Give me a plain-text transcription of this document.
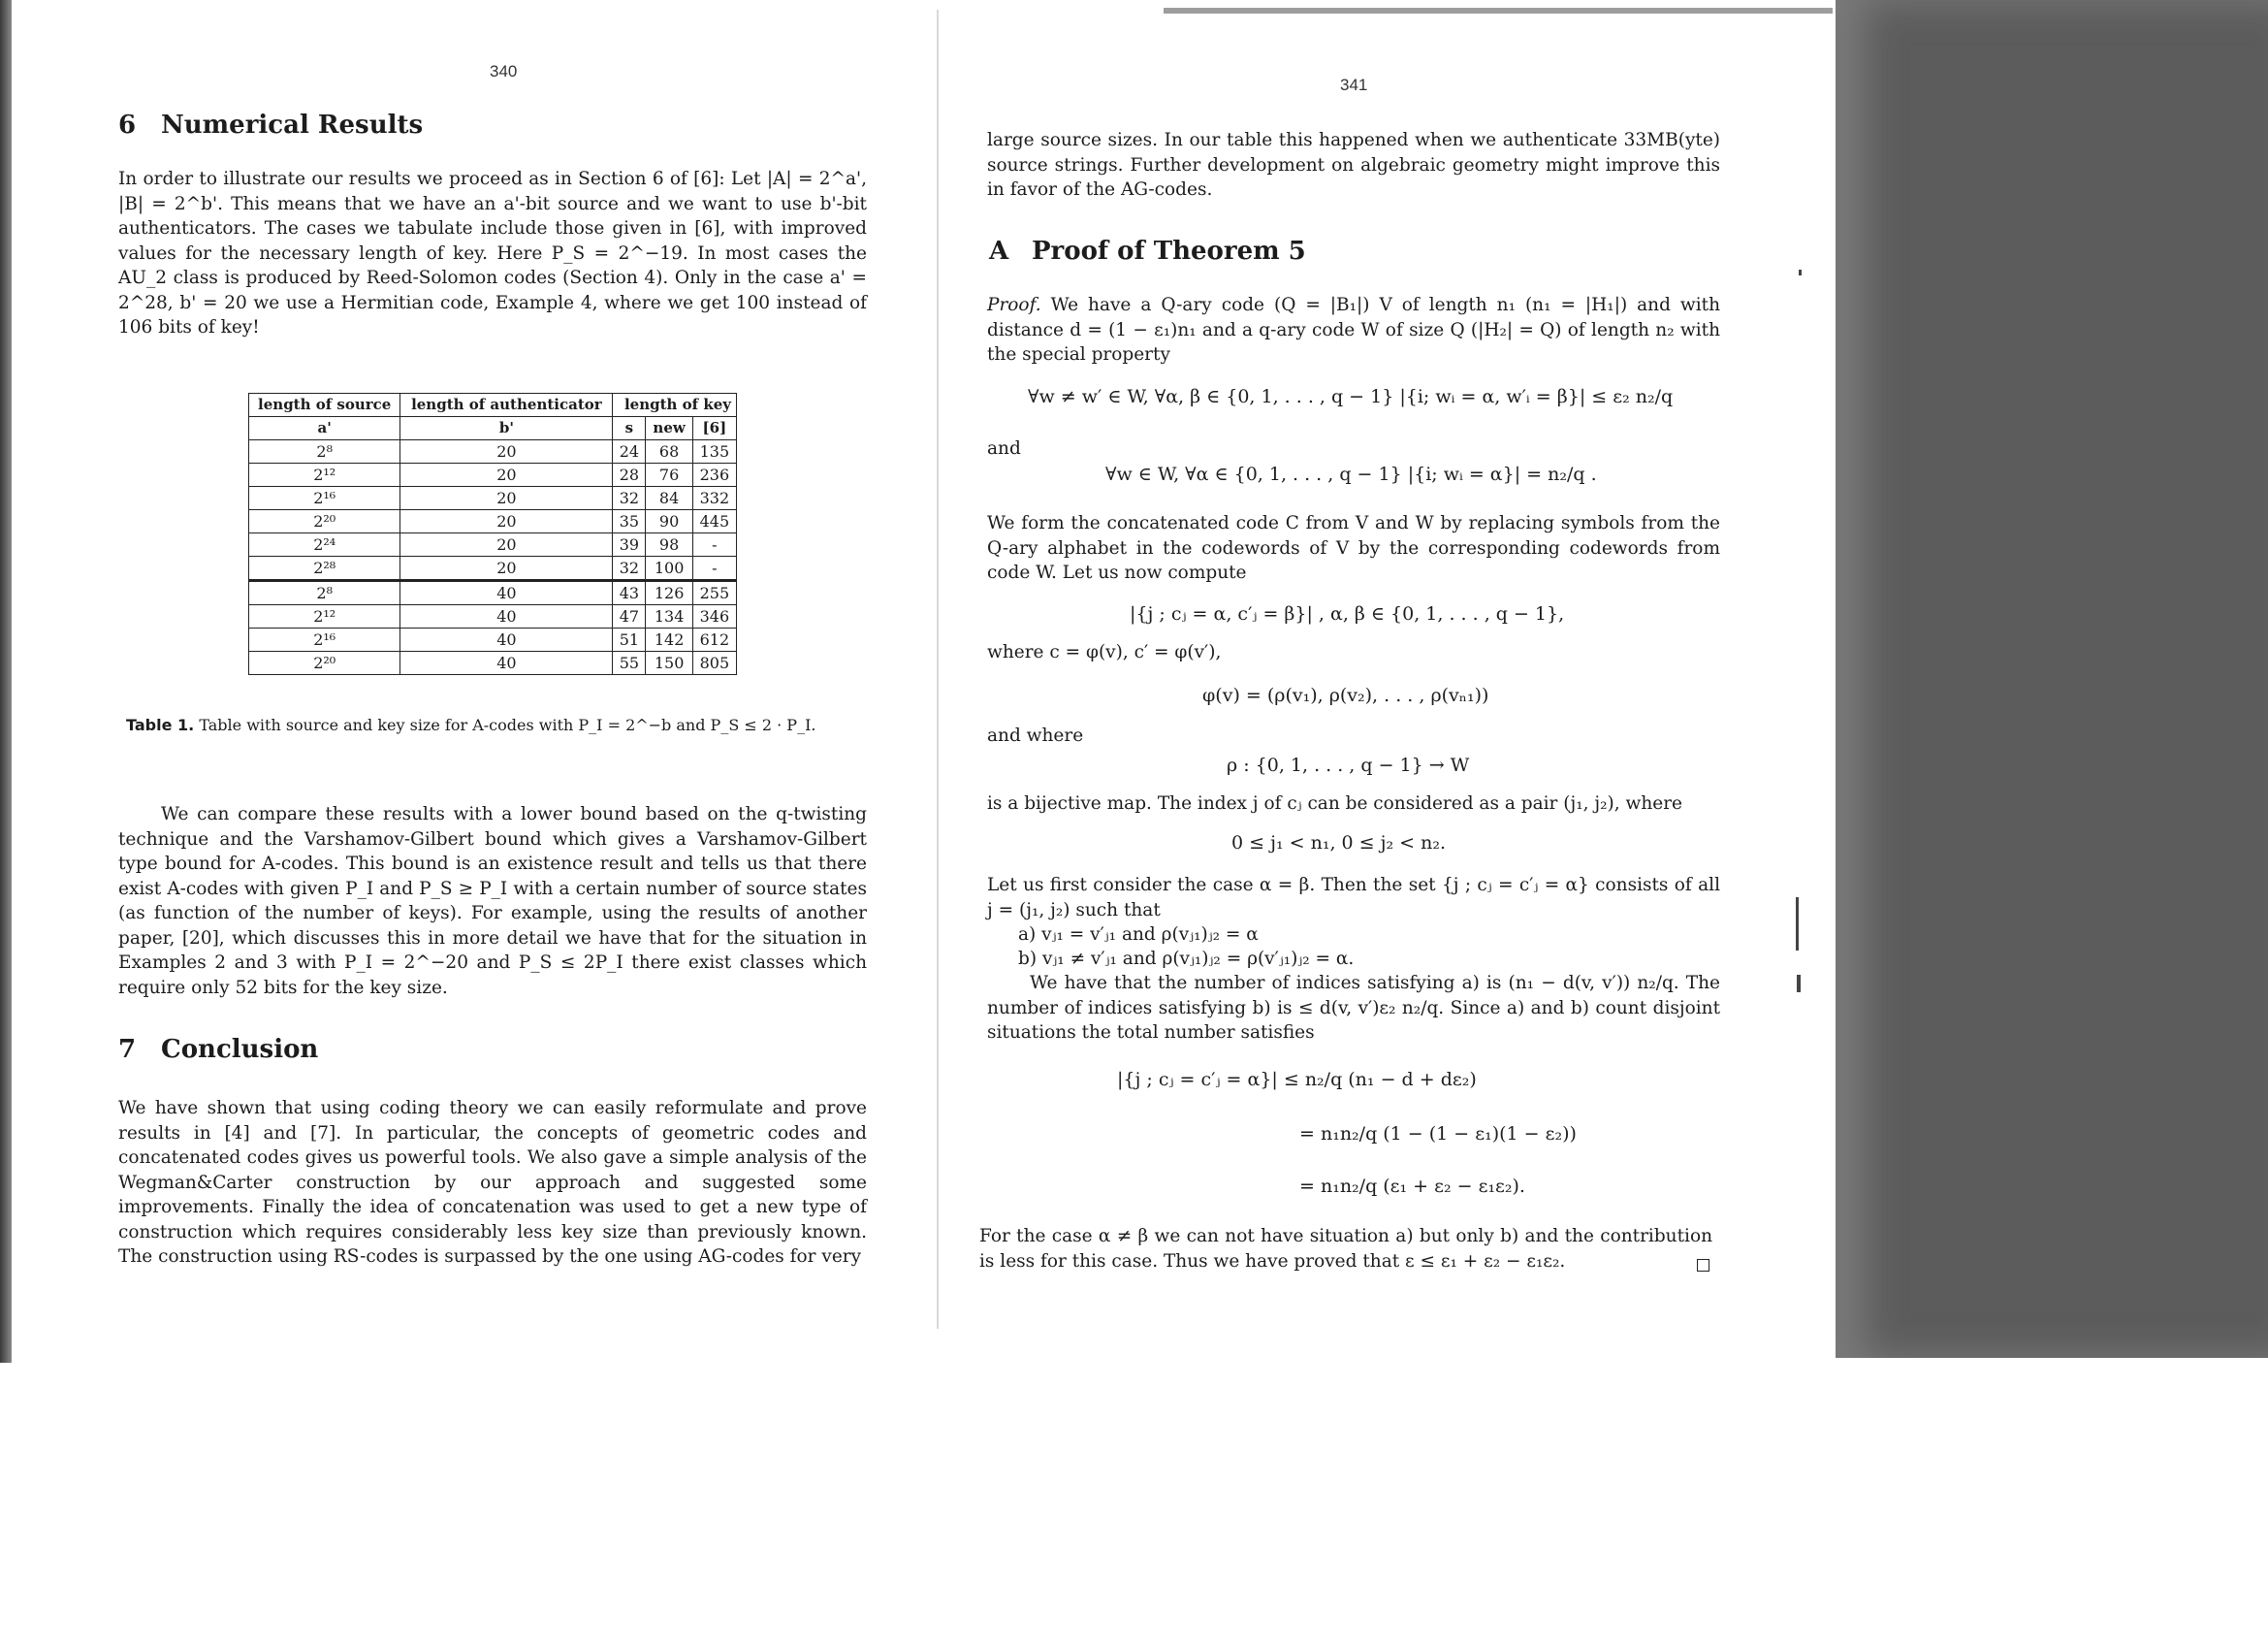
340
6 Numerical Results

In order to illustrate our results we proceed as in Section 6 of [6]: Let |A| = 2^a', |B| = 2^b'. This means that we have an a'-bit source and we want to use b'-bit authenticators. The cases we tabulate include those given in [6], with improved values for the necessary length of key. Here P_S = 2^−19. In most cases the AU_2 class is produced by Reed-Solomon codes (Section 4). Only in the case a' = 2^28, b' = 20 we use a Hermitian code, Example 4, where we get 100 instead of 106 bits of key!

length of source	length of authenticator	length of key		
a'	b'	s	new	[6]
2⁸	20	24	68	135
2¹²	20	28	76	236
2¹⁶	20	32	84	332
2²⁰	20	35	90	445
2²⁴	20	39	98	-
2²⁸	20	32	100	-
2⁸	40	43	126	255
2¹²	40	47	134	346
2¹⁶	40	51	142	612
2²⁰	40	55	150	805
Table 1. Table with source and key size for A-codes with P_I = 2^−b and P_S ≤ 2 · P_I.

We can compare these results with a lower bound based on the q-twisting technique and the Varshamov-Gilbert bound which gives a Varshamov-Gilbert type bound for A-codes. This bound is an existence result and tells us that there exist A-codes with given P_I and P_S ≥ P_I with a certain number of source states (as function of the number of keys). For example, using the results of another paper, [20], which discusses this in more detail we have that for the situation in Examples 2 and 3 with P_I = 2^−20 and P_S ≤ 2P_I there exist classes which require only 52 bits for the key size.

7 Conclusion

We have shown that using coding theory we can easily reformulate and prove results in [4] and [7]. In particular, the concepts of geometric codes and concatenated codes gives us powerful tools. We also gave a simple analysis of the Wegman&Carter construction by our approach and suggested some improvements. Finally the idea of concatenation was used to get a new type of construction which requires considerably less key size than previously known. The construction using RS-codes is surpassed by the one using AG-codes for very

341

large source sizes. In our table this happened when we authenticate 33MB(yte) source strings. Further development on algebraic geometry might improve this in favor of the AG-codes.

A Proof of Theorem 5

Proof. We have a Q-ary code (Q = |B₁|) V of length n₁ (n₁ = |H₁|) and with distance d = (1 − ε₁)n₁ and a q-ary code W of size Q (|H₂| = Q) of length n₂ with the special property

∀w ≠ w′ ∈ W, ∀α, β ∈ {0, 1, . . . , q − 1} |{i; wᵢ = α, w′ᵢ = β}| ≤ ε₂ n₂/q
and
∀w ∈ W, ∀α ∈ {0, 1, . . . , q − 1} |{i; wᵢ = α}| = n₂/q .

We form the concatenated code C from V and W by replacing symbols from the Q-ary alphabet in the codewords of V by the corresponding codewords from code W. Let us now compute

|{j ; cⱼ = α, c′ⱼ = β}| , α, β ∈ {0, 1, . . . , q − 1},
where c = φ(v), c′ = φ(v′),
φ(v) = (ρ(v₁), ρ(v₂), . . . , ρ(vₙ₁))
and where
ρ : {0, 1, . . . , q − 1} → W
is a bijective map. The index j of cⱼ can be considered as a pair (j₁, j₂), where
0 ≤ j₁ < n₁, 0 ≤ j₂ < n₂.

Let us first consider the case α = β. Then the set {j ; cⱼ = c′ⱼ = α} consists of all j = (j₁, j₂) such that

a) vⱼ₁ = v′ⱼ₁ and ρ(vⱼ₁)ⱼ₂ = α
b) vⱼ₁ ≠ v′ⱼ₁ and ρ(vⱼ₁)ⱼ₂ = ρ(v′ⱼ₁)ⱼ₂ = α.

We have that the number of indices satisfying a) is (n₁ − d(v, v′)) n₂/q. The number of indices satisfying b) is ≤ d(v, v′)ε₂ n₂/q. Since a) and b) count disjoint situations the total number satisfies

|{j ; cⱼ = c′ⱼ = α}| ≤ n₂/q (n₁ − d + dε₂)
= n₁n₂/q (1 − (1 − ε₁)(1 − ε₂))
= n₁n₂/q (ε₁ + ε₂ − ε₁ε₂).

For the case α ≠ β we can not have situation a) but only b) and the contribution is less for this case. Thus we have proved that ε ≤ ε₁ + ε₂ − ε₁ε₂.
